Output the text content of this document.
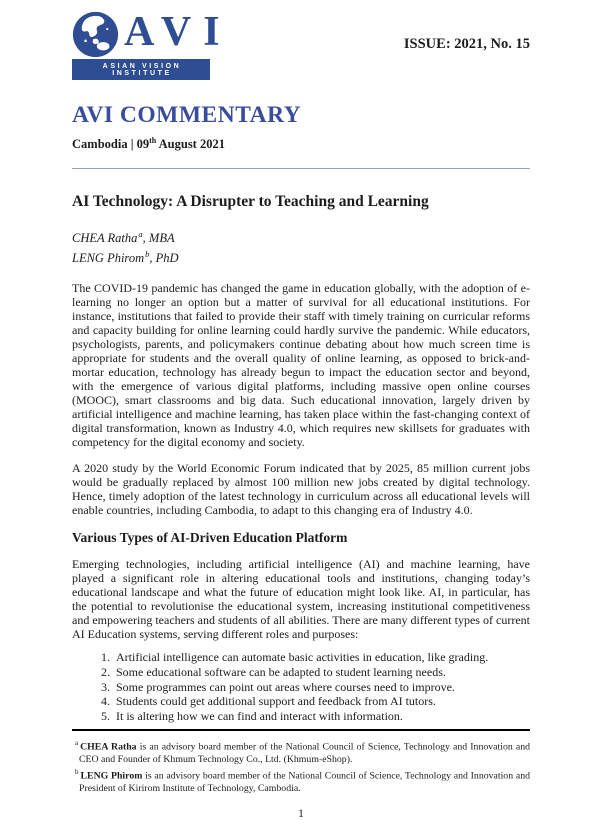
AVI
ASIAN VISION INSTITUTE
ISSUE: 2021, No. 15
AVI COMMENTARY
Cambodia | 09th August 2021
AI Technology: A Disrupter to Teaching and Learning
CHEA Ratha$^a$, MBA
LENG Phirom$^b$, PhD

The COVID-19 pandemic has changed the game in education globally, with the adoption of e-learning no longer an option but a matter of survival for all educational institutions. For instance, institutions that failed to provide their staff with timely training on curricular reforms and capacity building for online learning could hardly survive the pandemic. While educators, psychologists, parents, and policymakers continue debating about how much screen time is appropriate for students and the overall quality of online learning, as opposed to brick-and-mortar education, technology has already begun to impact the education sector and beyond, with the emergence of various digital platforms, including massive open online courses (MOOC), smart classrooms and big data. Such educational innovation, largely driven by artificial intelligence and machine learning, has taken place within the fast-changing context of digital transformation, known as Industry 4.0, which requires new skillsets for graduates with competency for the digital economy and society.

A 2020 study by the World Economic Forum indicated that by 2025, 85 million current jobs would be gradually replaced by almost 100 million new jobs created by digital technology. Hence, timely adoption of the latest technology in curriculum across all educational levels will enable countries, including Cambodia, to adapt to this changing era of Industry 4.0.

Various Types of AI-Driven Education Platform

Emerging technologies, including artificial intelligence (AI) and machine learning, have played a significant role in altering educational tools and institutions, changing today’s educational landscape and what the future of education might look like. AI, in particular, has the potential to revolutionise the educational system, increasing institutional competitiveness and empowering teachers and students of all abilities. There are many different types of current AI Education systems, serving different roles and purposes:

1. Artificial intelligence can automate basic activities in education, like grading.
2. Some educational software can be adapted to student learning needs.
3. Some programmes can point out areas where courses need to improve.
4. Students could get additional support and feedback from AI tutors.
5. It is altering how we can find and interact with information.

$^a$ CHEA Ratha is an advisory board member of the National Council of Science, Technology and Innovation and CEO and Founder of Khmum Technology Co., Ltd. (Khmum-eShop).

$^b$ LENG Phirom is an advisory board member of the National Council of Science, Technology and Innovation and President of Kirirom Institute of Technology, Cambodia.

1
